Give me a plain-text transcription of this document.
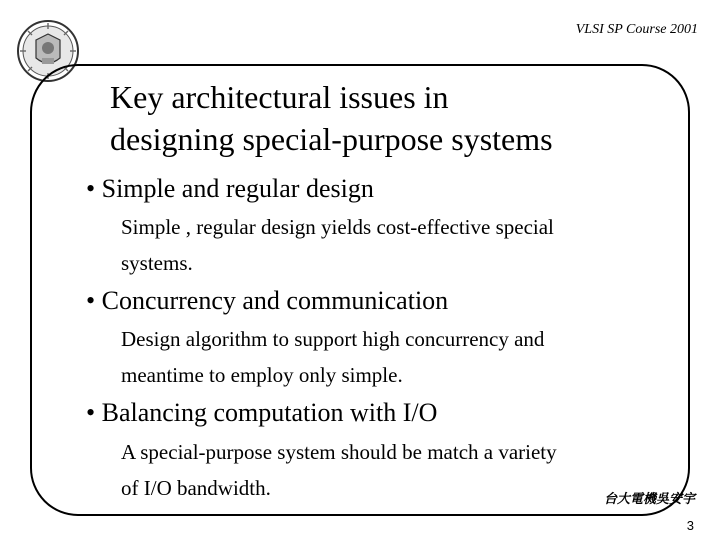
VLSI SP Course 2001
Key architectural issues in
designing special-purpose systems
• Simple and regular design
Simple , regular design yields cost-effective special
systems.
• Concurrency and communication
Design algorithm to support high concurrency and
meantime to employ only simple.
• Balancing computation with I/O
A special-purpose system should be match a variety
of I/O bandwidth.	台大電機吳安宇
3
